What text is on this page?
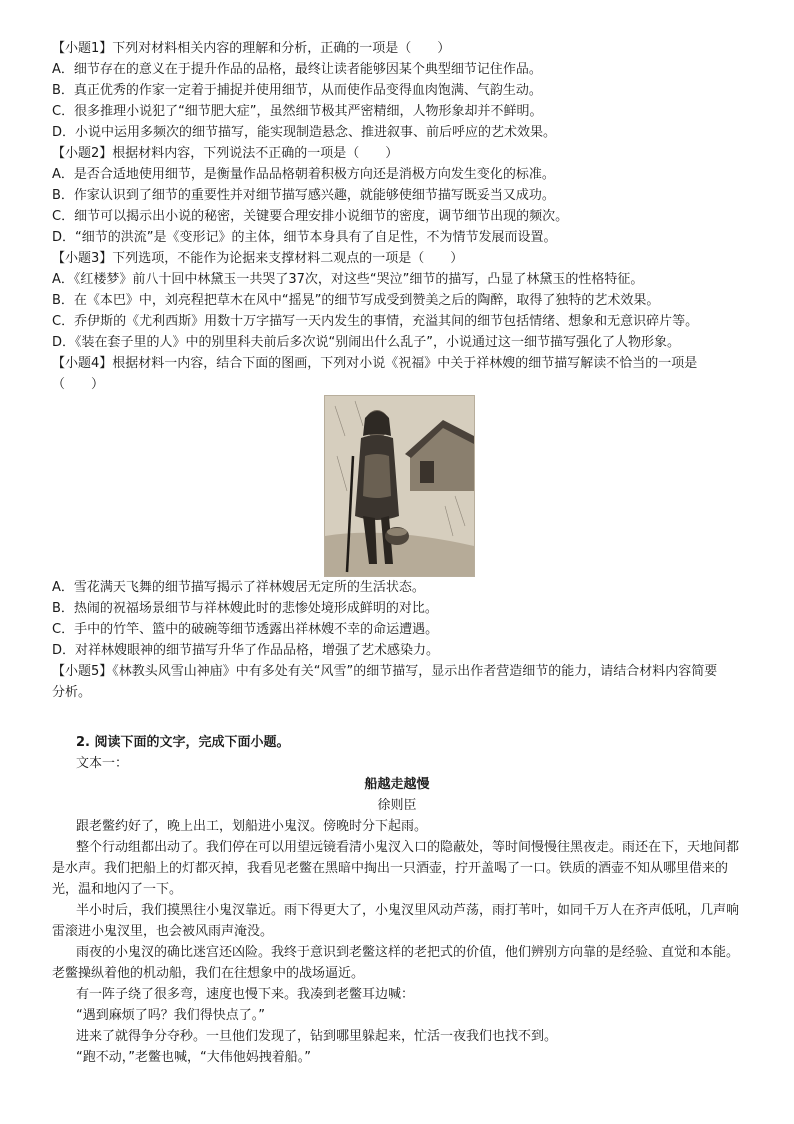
【小题1】下列对材料相关内容的理解和分析，正确的一项是（　　）
A．细节存在的意义在于提升作品的品格，最终让读者能够因某个典型细节记住作品。
B．真正优秀的作家一定着于捕捉并使用细节，从而使作品变得血肉饱满、气韵生动。
C．很多推理小说犯了“细节肥大症”，虽然细节极其严密精细，人物形象却并不鲜明。
D．小说中运用多频次的细节描写，能实现制造悬念、推进叙事、前后呼应的艺术效果。
【小题2】根据材料内容，下列说法不正确的一项是（　　）
A．是否合适地使用细节，是衡量作品品格朝着积极方向还是消极方向发生变化的标准。
B．作家认识到了细节的重要性并对细节描写感兴趣，就能够使细节描写既妥当又成功。
C．细节可以揭示出小说的秘密，关键要合理安排小说细节的密度，调节细节出现的频次。
D．“细节的洪流”是《变形记》的主体，细节本身具有了自足性，不为情节发展而设置。
【小题3】下列选项，不能作为论据来支撑材料二观点的一项是（　　）
A．《红楼梦》前八十回中林黛玉一共哭了37次，对这些“哭泣”细节的描写，凸显了林黛玉的性格特征。
B．在《本巴》中，刘亮程把草木在风中“摇晃”的细节写成受到赞美之后的陶醉，取得了独特的艺术效果。
C．乔伊斯的《尤利西斯》用数十万字描写一天内发生的事情，充溢其间的细节包括情绪、想象和无意识碎片等。
D．《装在套子里的人》中的别里科夫前后多次说“别闹出什么乱子”，小说通过这一细节描写强化了人物形象。
【小题4】根据材料一内容，结合下面的图画，下列对小说《祝福》中关于祥林嫂的细节描写解读不恰当的一项是
（　　）
A．雪花满天飞舞的细节描写揭示了祥林嫂居无定所的生活状态。
B．热闹的祝福场景细节与祥林嫂此时的悲惨处境形成鲜明的对比。
C．手中的竹竿、篮中的破碗等细节透露出祥林嫂不幸的命运遭遇。
D．对祥林嫂眼神的细节描写升华了作品品格，增强了艺术感染力。
【小题5】《林教头风雪山神庙》中有多处有关“风雪”的细节描写，显示出作者营造细节的能力，请结合材料内容简要
分析。
2. 阅读下面的文字，完成下面小题。
文本一：
船越走越慢
徐则臣
跟老鳖约好了，晚上出工，划船进小鬼汊。傍晚时分下起雨。
整个行动组都出动了。我们停在可以用望远镜看清小鬼汊入口的隐蔽处，等时间慢慢往黑夜走。雨还在下，天地间都
是水声。我们把船上的灯都灭掉，我看见老鳖在黑暗中掏出一只酒壶，拧开盖喝了一口。铁质的酒壶不知从哪里借来的
光，温和地闪了一下。
半小时后，我们摸黑往小鬼汊靠近。雨下得更大了，小鬼汊里风动芦荡，雨打苇叶，如同千万人在齐声低吼，几声响
雷滚进小鬼汊里，也会被风雨声淹没。
雨夜的小鬼汊的确比迷宫还凶险。我终于意识到老鳖这样的老把式的价值，他们辨别方向靠的是经验、直觉和本能。
老鳖操纵着他的机动船，我们在往想象中的战场逼近。
有一阵子绕了很多弯，速度也慢下来。我凑到老鳖耳边喊：
“遇到麻烦了吗？我们得快点了。”
进来了就得争分夺秒。一旦他们发现了，钻到哪里躲起来，忙活一夜我们也找不到。
“跑不动，”老鳖也喊，“大伟他妈拽着船。”
